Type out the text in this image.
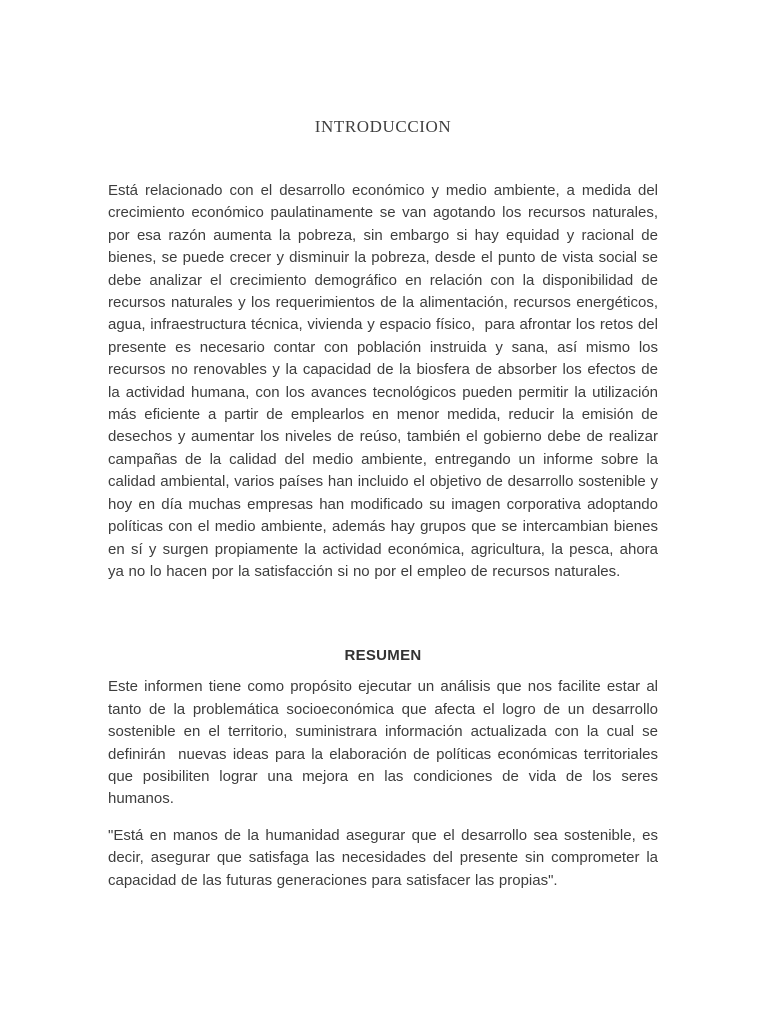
INTRODUCCION

Está relacionado con el desarrollo económico y medio ambiente, a medida del crecimiento económico paulatinamente se van agotando los recursos naturales, por esa razón aumenta la pobreza, sin embargo si hay equidad y racional de bienes, se puede crecer y disminuir la pobreza, desde el punto de vista social se debe analizar el crecimiento demográfico en relación con la disponibilidad de recursos naturales y los requerimientos de la alimentación, recursos energéticos, agua, infraestructura técnica, vivienda y espacio físico,  para afrontar los retos del presente es necesario contar con población instruida y sana, así mismo los recursos no renovables y la capacidad de la biosfera de absorber los efectos de la actividad humana, con los avances tecnológicos pueden permitir la utilización más eficiente a partir de emplearlos en menor medida, reducir la emisión de desechos y aumentar los niveles de reúso, también el gobierno debe de realizar campañas de la calidad del medio ambiente, entregando un informe sobre la calidad ambiental, varios países han incluido el objetivo de desarrollo sostenible y  hoy en día muchas empresas han modificado su imagen corporativa adoptando políticas con el medio ambiente, además hay grupos que se intercambian bienes en sí y surgen propiamente la actividad económica, agricultura, la pesca, ahora ya no lo hacen por la satisfacción si no por el empleo de recursos naturales.

RESUMEN

Este informen tiene como propósito ejecutar un análisis que nos facilite estar al tanto de la problemática socioeconómica que afecta el logro de un desarrollo sostenible en el territorio, suministrara información actualizada con la cual se definirán  nuevas ideas para la elaboración de políticas económicas territoriales que posibiliten lograr una mejora en las condiciones de vida de los seres humanos.

"Está en manos de la humanidad asegurar que el desarrollo sea sostenible, es decir, asegurar que satisfaga las necesidades del presente sin comprometer la capacidad de las futuras generaciones para satisfacer las propias".
